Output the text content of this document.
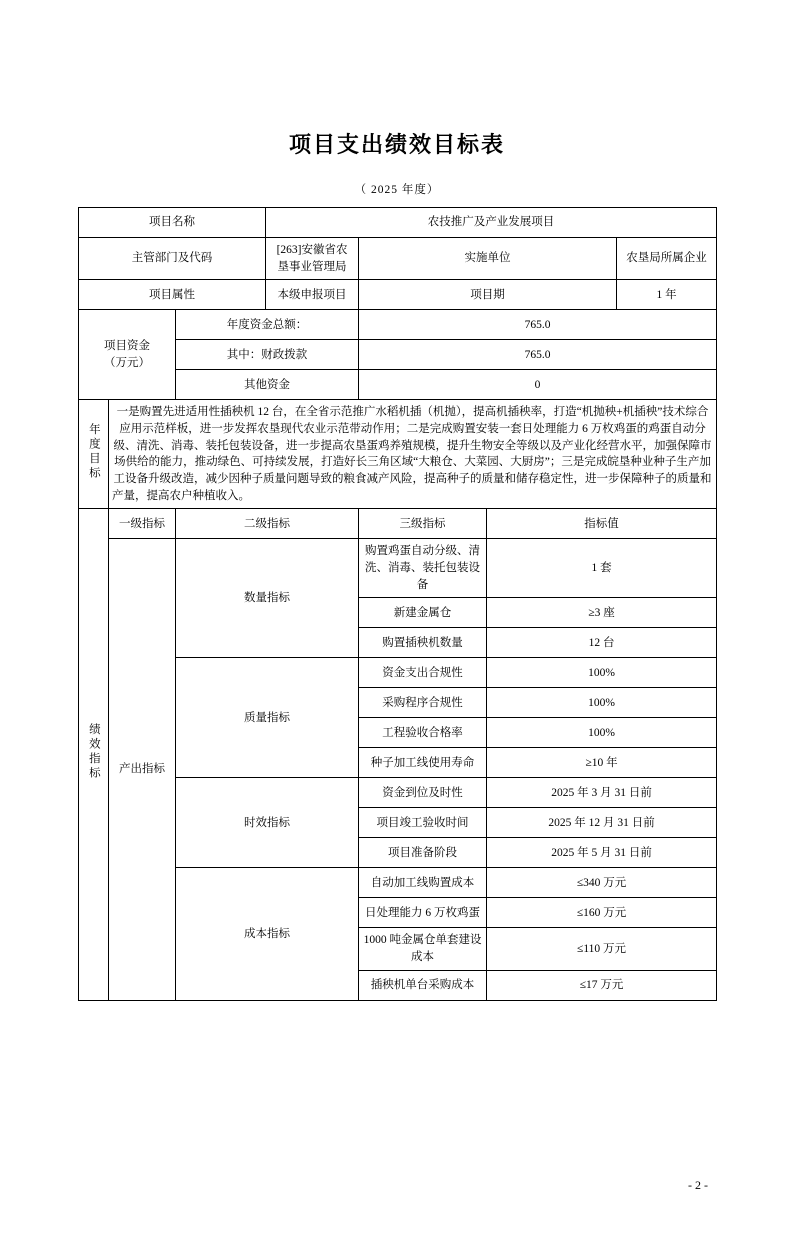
项目支出绩效目标表
（ 2025 年度）
项目名称			农技推广及产业发展项目			
主管部门及代码			[263]安徽省农垦事业管理局	实施单位		农垦局所属企业
项目属性			本级申报项目	项目期		1 年

项目资金
（万元）		年度资金总额：		765.0		
		其中：财政拨款		765.0		
		其他资金		0		
年度目标	一是购置先进适用性插秧机 12 台，在全省示范推广水稻机插（机抛），提高机插秧率，打造“机抛秧+机插秧”技术综合应用示范样板，进一步发挥农垦现代农业示范带动作用；二是完成购置安装一套日处理能力 6 万枚鸡蛋的鸡蛋自动分级、清洗、消毒、装托包装设备，进一步提高农垦蛋鸡养殖规模，提升生物安全等级以及产业化经营水平，加强保障市场供给的能力，推动绿色、可持续发展，打造好长三角区域“大粮仓、大菜园、大厨房”；三是完成皖垦种业种子生产加工设备升级改造，减少因种子质量问题导致的粮食减产风险，提高种子的质量和储存稳定性，进一步保障种子的质量和产量，提高农户种植收入。					
绩效指标	一级指标	二级指标		三级指标	指标值	
	产出指标	数量指标		购置鸡蛋自动分级、清洗、消毒、装托包装设备	1 套	
				新建金属仓	≥3 座	
				购置插秧机数量	12 台	
		质量指标		资金支出合规性	100%	
				采购程序合规性	100%	
				工程验收合格率	100%	
				种子加工线使用寿命	≥10 年	
		时效指标		资金到位及时性	2025 年 3 月 31 日前	
				项目竣工验收时间	2025 年 12 月 31 日前	
				项目准备阶段	2025 年 5 月 31 日前	
		成本指标		自动加工线购置成本	≤340 万元	
				日处理能力 6 万枚鸡蛋	≤160 万元	
				1000 吨金属仓单套建设成本	≤110 万元	
				插秧机单台采购成本	≤17 万元	
- 2 -
